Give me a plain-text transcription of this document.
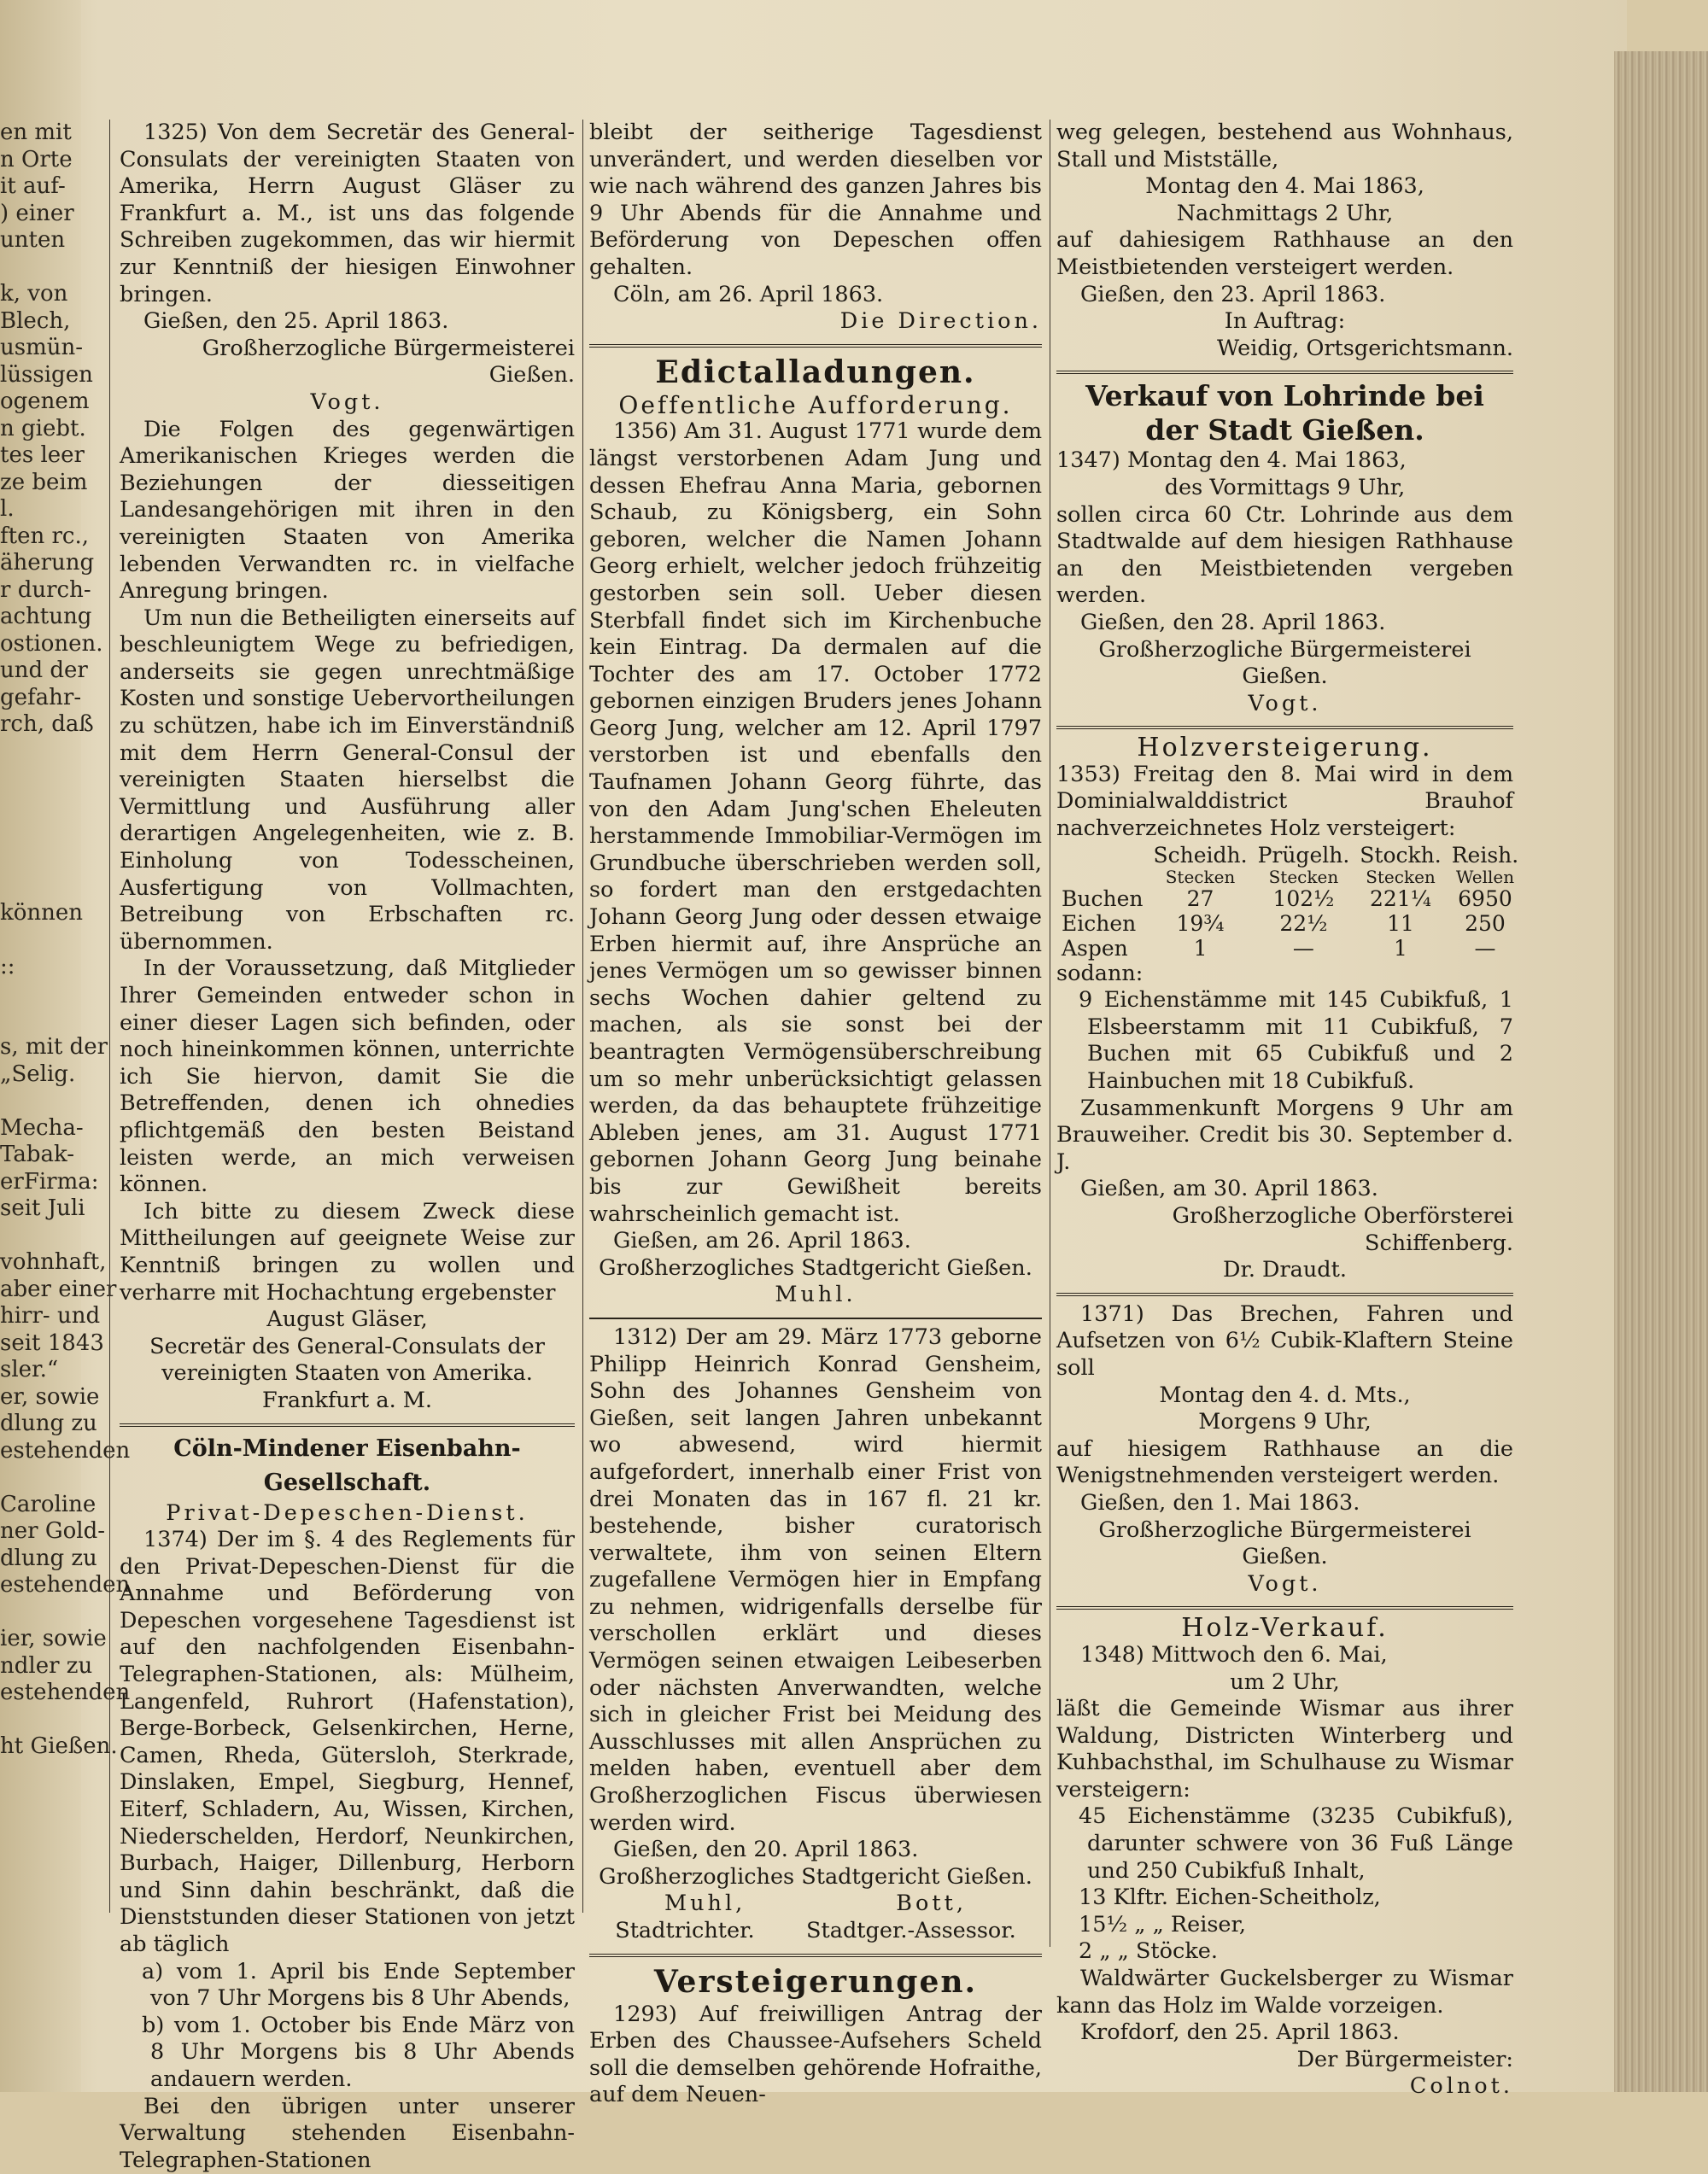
en mit
n Orte
it auf-
) einer
unten
k, von
Blech,
usmün-
lüssigen
ogenem
n giebt.
tes leer
ze beim
l.
ften rc.,
äherung
r durch-
achtung
ostionen.
und der
gefahr-
rch, daß
können
::
s, mit der
„Selig.
Mecha-
Tabak-
erFirma:
seit Juli
vohnhaft,
aber einer
hirr- und
seit 1843
sler.“
er, sowie
dlung zu
estehenden
Caroline
ner Gold-
dlung zu
estehenden
ier, sowie
ndler zu
estehenden
ht Gießen.

1325) Von dem Secretär des General-Consulats der vereinigten Staaten von Amerika, Herrn August Gläser zu Frankfurt a. M., ist uns das folgende Schreiben zugekommen, das wir hiermit zur Kenntniß der hiesigen Einwohner bringen.

Gießen, den 25. April 1863.

Großherzogliche Bürgermeisterei Gießen.

Vogt.

Die Folgen des gegenwärtigen Amerikanischen Krieges werden die Beziehungen der diesseitigen Landesangehörigen mit ihren in den vereinigten Staaten von Amerika lebenden Verwandten rc. in vielfache Anregung bringen.

Um nun die Betheiligten einerseits auf beschleunigtem Wege zu befriedigen, anderseits sie gegen unrechtmäßige Kosten und sonstige Uebervortheilungen zu schützen, habe ich im Einverständniß mit dem Herrn General-Consul der vereinigten Staaten hierselbst die Vermittlung und Ausführung aller derartigen Angelegenheiten, wie z. B. Einholung von Todesscheinen, Ausfertigung von Vollmachten, Betreibung von Erbschaften rc. übernommen.

In der Voraussetzung, daß Mitglieder Ihrer Gemeinden entweder schon in einer dieser Lagen sich befinden, oder noch hineinkommen können, unterrichte ich Sie hiervon, damit Sie die Betreffenden, denen ich ohnedies pflichtgemäß den besten Beistand leisten werde, an mich verweisen können.

Ich bitte zu diesem Zweck diese Mittheilungen auf geeignete Weise zur Kenntniß bringen zu wollen und verharre mit Hochachtung ergebenster

August Gläser,

Secretär des General-Consulats der vereinigten Staaten von Amerika.

Frankfurt a. M.

Cöln-Mindener Eisenbahn-Gesellschaft.

Privat-Depeschen-Dienst.

1374) Der im §. 4 des Reglements für den Privat-Depeschen-Dienst für die Annahme und Beförderung von Depeschen vorgesehene Tagesdienst ist auf den nachfolgenden Eisenbahn-Telegraphen-Stationen, als: Mülheim, Langenfeld, Ruhrort (Hafenstation), Berge-Borbeck, Gelsenkirchen, Herne, Camen, Rheda, Gütersloh, Sterkrade, Dinslaken, Empel, Siegburg, Hennef, Eiterf, Schladern, Au, Wissen, Kirchen, Niederschelden, Herdorf, Neunkirchen, Burbach, Haiger, Dillenburg, Herborn und Sinn dahin beschränkt, daß die Dienststunden dieser Stationen von jetzt ab täglich

a) vom 1. April bis Ende September von 7 Uhr Morgens bis 8 Uhr Abends,

b) vom 1. October bis Ende März von 8 Uhr Morgens bis 8 Uhr Abends andauern werden.

Bei den übrigen unter unserer Verwaltung stehenden Eisenbahn-Telegraphen-Stationen

bleibt der seitherige Tagesdienst unverändert, und werden dieselben vor wie nach während des ganzen Jahres bis 9 Uhr Abends für die Annahme und Beförderung von Depeschen offen gehalten.

Cöln, am 26. April 1863.

Die Direction.

Edictalladungen.

Oeffentliche Aufforderung.

1356) Am 31. August 1771 wurde dem längst verstorbenen Adam Jung und dessen Ehefrau Anna Maria, gebornen Schaub, zu Königsberg, ein Sohn geboren, welcher die Namen Johann Georg erhielt, welcher jedoch frühzeitig gestorben sein soll. Ueber diesen Sterbfall findet sich im Kirchenbuche kein Eintrag. Da dermalen auf die Tochter des am 17. October 1772 gebornen einzigen Bruders jenes Johann Georg Jung, welcher am 12. April 1797 verstorben ist und ebenfalls den Taufnamen Johann Georg führte, das von den Adam Jung'schen Eheleuten herstammende Immobiliar-Vermögen im Grundbuche überschrieben werden soll, so fordert man den erstgedachten Johann Georg Jung oder dessen etwaige Erben hiermit auf, ihre Ansprüche an jenes Vermögen um so gewisser binnen sechs Wochen dahier geltend zu machen, als sie sonst bei der beantragten Vermögensüberschreibung um so mehr unberücksichtigt gelassen werden, da das behauptete frühzeitige Ableben jenes, am 31. August 1771 gebornen Johann Georg Jung beinahe bis zur Gewißheit bereits wahrscheinlich gemacht ist.

Gießen, am 26. April 1863.

Großherzogliches Stadtgericht Gießen.

Muhl.

1312) Der am 29. März 1773 geborne Philipp Heinrich Konrad Gensheim, Sohn des Johannes Gensheim von Gießen, seit langen Jahren unbekannt wo abwesend, wird hiermit aufgefordert, innerhalb einer Frist von drei Monaten das in 167 fl. 21 kr. bestehende, bisher curatorisch verwaltete, ihm von seinen Eltern zugefallene Vermögen hier in Empfang zu nehmen, widrigenfalls derselbe für verschollen erklärt und dieses Vermögen seinen etwaigen Leibeserben oder nächsten Anverwandten, welche sich in gleicher Frist bei Meidung des Ausschlusses mit allen Ansprüchen zu melden haben, eventuell aber dem Großherzoglichen Fiscus überwiesen werden wird.

Gießen, den 20. April 1863.

Großherzogliches Stadtgericht Gießen.

Muhl,	Bott,
Stadtrichter. Stadtger.-Assessor.

Versteigerungen.

1293) Auf freiwilligen Antrag der Erben des Chaussee-Aufsehers Scheld soll die demselben gehörende Hofraithe, auf dem Neuen-

weg gelegen, bestehend aus Wohnhaus, Stall und Mistställe,

Montag den 4. Mai 1863,

Nachmittags 2 Uhr,

auf dahiesigem Rathhause an den Meistbietenden versteigert werden.

Gießen, den 23. April 1863.

In Auftrag:

Weidig, Ortsgerichtsmann.

Verkauf von Lohrinde bei der Stadt Gießen.

1347) Montag den 4. Mai 1863,

des Vormittags 9 Uhr,

sollen circa 60 Ctr. Lohrinde aus dem Stadtwalde auf dem hiesigen Rathhause an den Meistbietenden vergeben werden.

Gießen, den 28. April 1863.

Großherzogliche Bürgermeisterei Gießen.

Vogt.

Holzversteigerung.

1353) Freitag den 8. Mai wird in dem Dominialwalddistrict Brauhof nachverzeichnetes Holz versteigert:

	Scheidh.	Prügelh.	Stockh.	Reish.
	Stecken	Stecken	Stecken	Wellen
Buchen	27	102½	221¼	6950
Eichen	19¾	22½	11	250
Aspen	1	—	1	—

sodann:

9 Eichenstämme mit 145 Cubikfuß, 1 Elsbeerstamm mit 11 Cubikfuß, 7 Buchen mit 65 Cubikfuß und 2 Hainbuchen mit 18 Cubikfuß.

Zusammenkunft Morgens 9 Uhr am Brauweiher. Credit bis 30. September d. J.

Gießen, am 30. April 1863.

Großherzogliche Oberförsterei Schiffenberg.

Dr. Draudt.

1371) Das Brechen, Fahren und Aufsetzen von 6½ Cubik-Klaftern Steine soll

Montag den 4. d. Mts.,

Morgens 9 Uhr,

auf hiesigem Rathhause an die Wenigstnehmenden versteigert werden.

Gießen, den 1. Mai 1863.

Großherzogliche Bürgermeisterei Gießen.

Vogt.

Holz-Verkauf.

1348) Mittwoch den 6. Mai,

um 2 Uhr,

läßt die Gemeinde Wismar aus ihrer Waldung, Districten Winterberg und Kuhbachsthal, im Schulhause zu Wismar versteigern:

45 Eichenstämme (3235 Cubikfuß), darunter schwere von 36 Fuß Länge und 250 Cubikfuß Inhalt,

13 Klftr. Eichen-Scheitholz,

15½ „ „ Reiser,

2 „ „ Stöcke.

Waldwärter Guckelsberger zu Wismar kann das Holz im Walde vorzeigen.

Krofdorf, den 25. April 1863.

Der Bürgermeister:

Colnot.
